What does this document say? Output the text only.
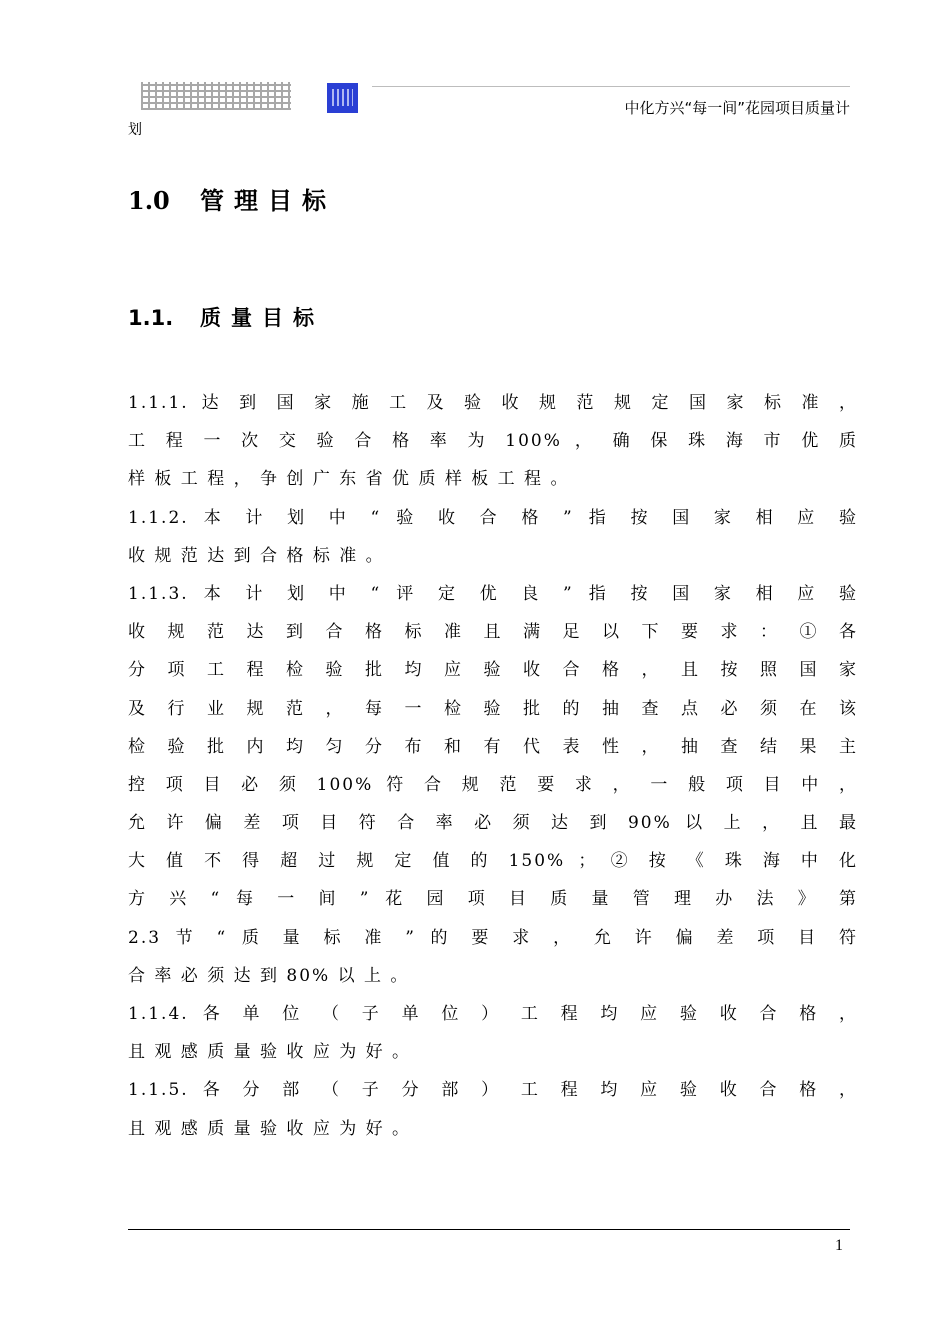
中化方兴“每一间”花园项目质量计
划
1.0 管理目标
1.1. 质量目标
1.1.1. 达 到 国 家 施 工 及 验 收 规 范 规 定 国 家 标 准 ，
工 程 一 次 交 验 合 格 率 为 100% ， 确 保 珠 海 市 优 质
样 板 工 程 ， 争 创 广 东 省 优 质 样 板 工 程 。
1.1.2. 本 计 划 中 “ 验 收 合 格 ” 指 按 国 家 相 应 验
收 规 范 达 到 合 格 标 准 。
1.1.3. 本 计 划 中 “ 评 定 优 良 ” 指 按 国 家 相 应 验
收 规 范 达 到 合 格 标 准 且 满 足 以 下 要 求 ： ① 各
分 项 工 程 检 验 批 均 应 验 收 合 格 ， 且 按 照 国 家
及 行 业 规 范 ， 每 一 检 验 批 的 抽 查 点 必 须 在 该
检 验 批 内 均 匀 分 布 和 有 代 表 性 ， 抽 查 结 果 主
控 项 目 必 须 100% 符 合 规 范 要 求 ， 一 般 项 目 中 ，
允 许 偏 差 项 目 符 合 率 必 须 达 到 90% 以 上 ， 且 最
大 值 不 得 超 过 规 定 值 的 150% ； ② 按 《 珠 海 中 化
方 兴 “ 每 一 间 ” 花 园 项 目 质 量 管 理 办 法 》 第
2.3 节 “ 质 量 标 准 ” 的 要 求 ， 允 许 偏 差 项 目 符
合 率 必 须 达 到 80% 以 上 。
1.1.4. 各 单 位 （ 子 单 位 ） 工 程 均 应 验 收 合 格 ，
且 观 感 质 量 验 收 应 为 好 。
1.1.5. 各 分 部 （ 子 分 部 ） 工 程 均 应 验 收 合 格 ，
且 观 感 质 量 验 收 应 为 好 。
1
